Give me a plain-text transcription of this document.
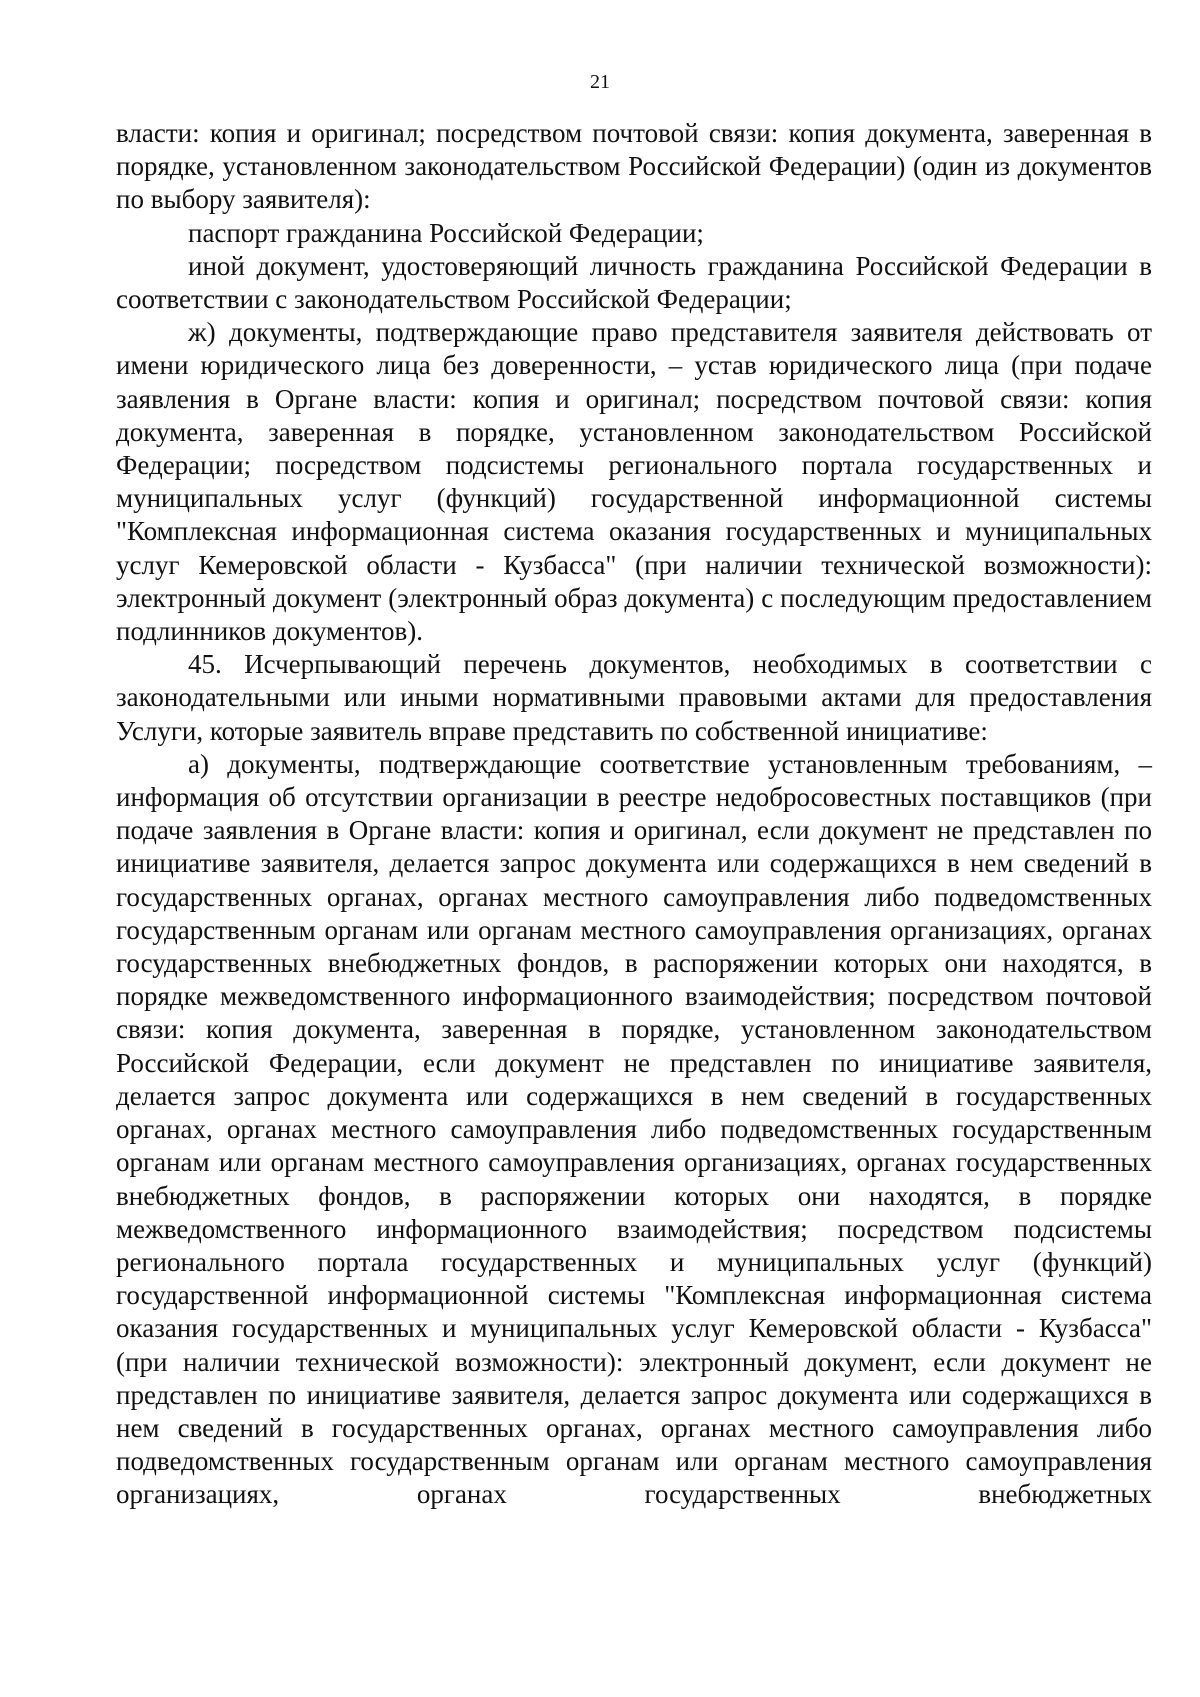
21

власти: копия и оригинал; посредством почтовой связи: копия документа, заверенная в порядке, установленном законодательством Российской Федерации) (один из документов по выбору заявителя):

паспорт гражданина Российской Федерации;

иной документ, удостоверяющий личность гражданина Российской Федерации в соответствии с законодательством Российской Федерации;

ж) документы, подтверждающие право представителя заявителя действовать от имени юридического лица без доверенности, – устав юридического лица (при подаче заявления в Органе власти: копия и оригинал; посредством почтовой связи: копия документа, заверенная в порядке, установленном законодательством Российской Федерации; посредством подсистемы регионального портала государственных и муниципальных услуг (функций) государственной информационной системы "Комплексная информационная система оказания государственных и муниципальных услуг Кемеровской области - Кузбасса" (при наличии технической возможности): электронный документ (электронный образ документа) с последующим предоставлением подлинников документов).

45. Исчерпывающий перечень документов, необходимых в соответствии с законодательными или иными нормативными правовыми актами для предоставления Услуги, которые заявитель вправе представить по собственной инициативе:

а) документы, подтверждающие соответствие установленным требованиям, – информация об отсутствии организации в реестре недобросовестных поставщиков (при подаче заявления в Органе власти: копия и оригинал, если документ не представлен по инициативе заявителя, делается запрос документа или содержащихся в нем сведений в государственных органах, органах местного самоуправления либо подведомственных государственным органам или органам местного самоуправления организациях, органах государственных внебюджетных фондов, в распоряжении которых они находятся, в порядке межведомственного информационного взаимодействия; посредством почтовой связи: копия документа, заверенная в порядке, установленном законодательством Российской Федерации, если документ не представлен по инициативе заявителя, делается запрос документа или содержащихся в нем сведений в государственных органах, органах местного самоуправления либо подведомственных государственным органам или органам местного самоуправления организациях, органах государственных внебюджетных фондов, в распоряжении которых они находятся, в порядке межведомственного информационного взаимодействия; посредством подсистемы регионального портала государственных и муниципальных услуг (функций) государственной информационной системы "Комплексная информационная система оказания государственных и муниципальных услуг Кемеровской области - Кузбасса" (при наличии технической возможности): электронный документ, если документ не представлен по инициативе заявителя, делается запрос документа или содержащихся в нем сведений в государственных органах, органах местного самоуправления либо подведомственных государственным органам или органам местного самоуправления организациях, органах государственных внебюджетных
